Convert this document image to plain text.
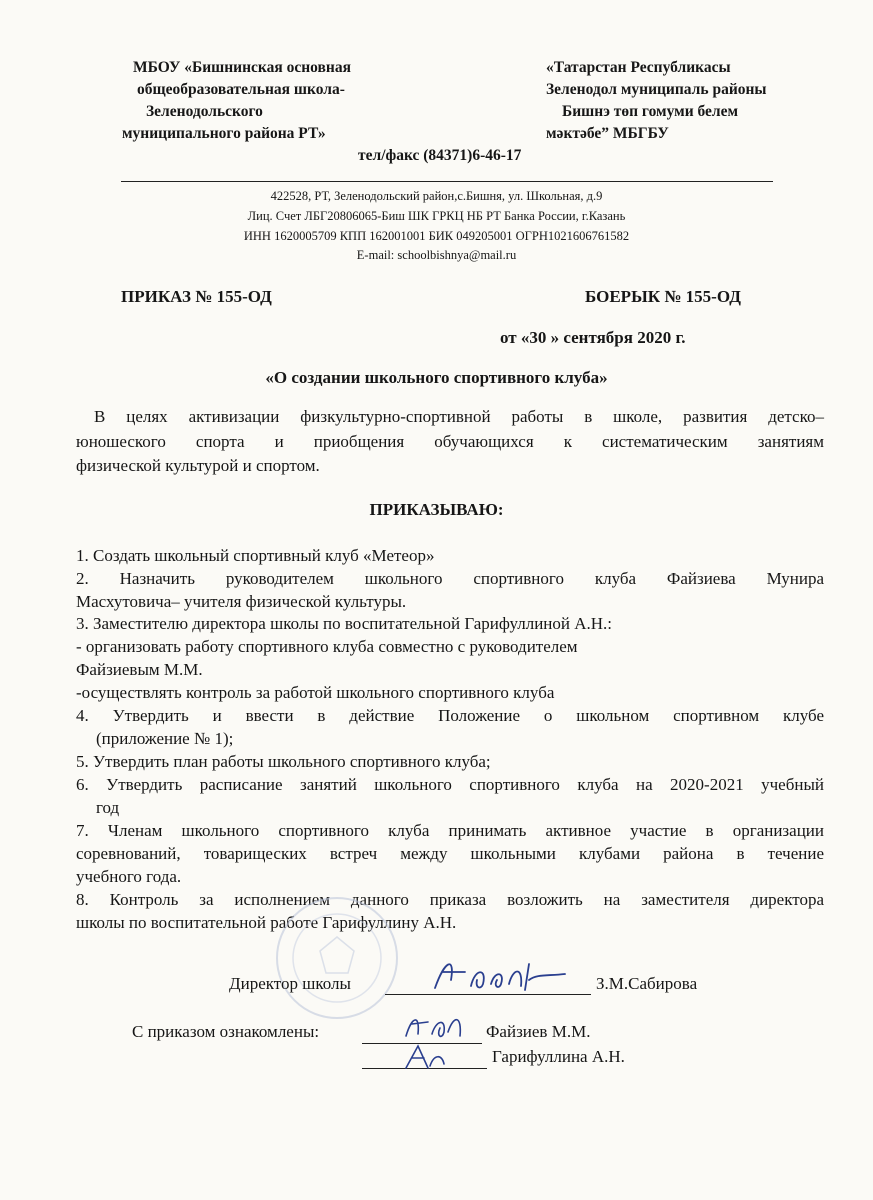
МБОУ «Бишнинская основная
общеобразовательная школа-
Зеленодольского
муниципального района РТ»
«Татарстан Республикасы
Зеленодол муниципаль районы
Бишнэ төп гомуми белем
мәктәбе” МБГБУ
тел/факс (84371)6-46-17
422528, РТ, Зеленодольский район,с.Бишня, ул. Школьная, д.9
Лиц. Счет ЛБГ20806065-Биш ШК ГРКЦ НБ РТ Банка России, г.Казань
ИНН 1620005709 КПП 162001001 БИК 049205001 ОГРН1021606761582
E-mail: schoolbishnya@mail.ru
ПРИКАЗ № 155-ОД	БОЕРЫК № 155-ОД
от «30 » сентября 2020 г.
«О создании школьного спортивного клуба»
В целях активизации физкультурно-спортивной работы в школе, развития детско–
юношеского спорта и приобщения обучающихся к систематическим занятиям
физической культурой и спортом.
ПРИКАЗЫВАЮ:
1. Создать школьный спортивный клуб «Метеор»
2. Назначить руководителем школьного спортивного клуба Файзиева Мунира
Масхутовича– учителя физической культуры.
3. Заместителю директора школы по воспитательной Гарифуллиной А.Н.:
- организовать работу спортивного клуба совместно с руководителем
Файзиевым М.М.
-осуществлять контроль за работой школьного спортивного клуба
4. Утвердить и ввести в действие Положение о школьном спортивном клубе
(приложение № 1);
5. Утвердить план работы школьного спортивного клуба;
6. Утвердить расписание занятий школьного спортивного клуба на 2020-2021 учебный
год
7. Членам школьного спортивного клуба принимать активное участие в организации
соревнований, товарищеских встреч между школьными клубами района в течение
учебного года.
8. Контроль за исполнением данного приказа возложить на заместителя директора
школы по воспитательной работе Гарифуллину А.Н.
Директор школы	З.М.Сабирова
С приказом ознакомлены:	Файзиев М.М.
Гарифуллина А.Н.
